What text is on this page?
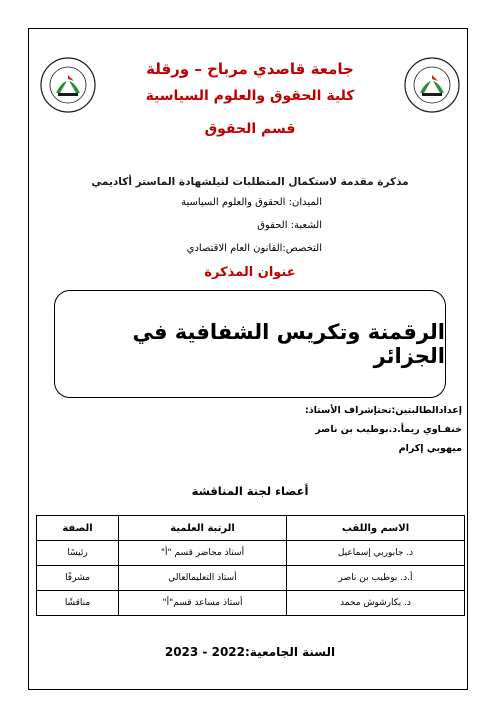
جامعة قاصدي مرباح – ورقلة
كلية الحقوق والعلوم السياسية
قسم الحقوق
مذكرة مقدمة لاستكمال المتطلبات لنيلشهادة الماستر أكاديمي
الميدان: الحقوق والعلوم السياسية
الشعبة: الحقوق
التخصص:القانون العام الاقتصادي
عنوان المذكرة
الرقمنة وتكريس الشفافية في الجزائر
إعدادالطالبتين:تحتإشراف الأستاذ:
خنفـاوي ريمأ.د.بوطيب بن ناصر
ميهوبي إكرام
أعضاء لجنة المناقشة
الاسم واللقب	الرتبة العلمية	الصفة
د. جابوربي إسماعيل	أستاذ محاضر قسم "أ"	رئيسًا
أ.د. بوطيب بن ناصر	أستاذ التعليمالعالي	مشرفًا
د. بكارشوش محمد	أستاذ مساعد قسم"أ"	مناقشًا
السنة الجامعية:2022 - 2023
